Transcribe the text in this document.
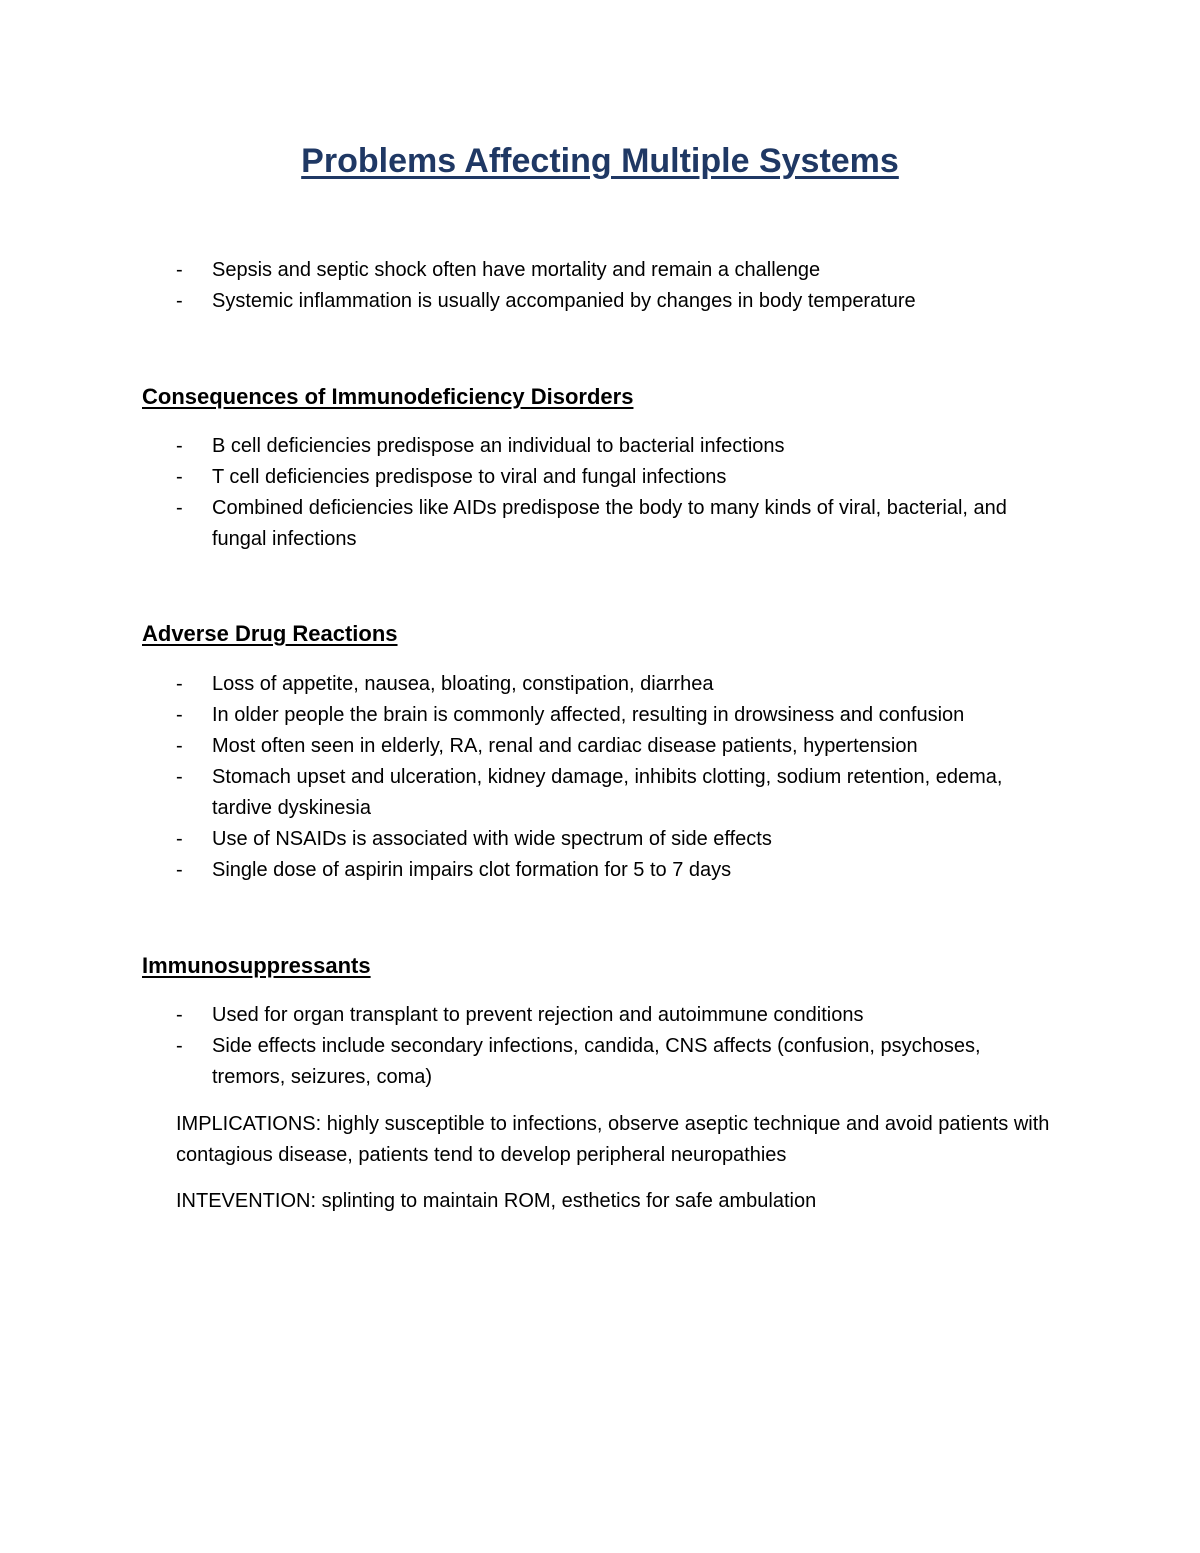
Problems Affecting Multiple Systems
- Sepsis and septic shock often have mortality and remain a challenge
- Systemic inflammation is usually accompanied by changes in body temperature
Consequences of Immunodeficiency Disorders
- B cell deficiencies predispose an individual to bacterial infections
- T cell deficiencies predispose to viral and fungal infections
- Combined deficiencies like AIDs predispose the body to many kinds of viral, bacterial, and fungal infections
Adverse Drug Reactions
- Loss of appetite, nausea, bloating, constipation, diarrhea
- In older people the brain is commonly affected, resulting in drowsiness and confusion
- Most often seen in elderly, RA, renal and cardiac disease patients, hypertension
- Stomach upset and ulceration, kidney damage, inhibits clotting, sodium retention, edema, tardive dyskinesia
- Use of NSAIDs is associated with wide spectrum of side effects
- Single dose of aspirin impairs clot formation for 5 to 7 days
Immunosuppressants
- Used for organ transplant to prevent rejection and autoimmune conditions
- Side effects include secondary infections, candida, CNS affects (confusion, psychoses, tremors, seizures, coma)

IMPLICATIONS: highly susceptible to infections, observe aseptic technique and avoid patients with contagious disease, patients tend to develop peripheral neuropathies

INTEVENTION: splinting to maintain ROM, esthetics for safe ambulation
